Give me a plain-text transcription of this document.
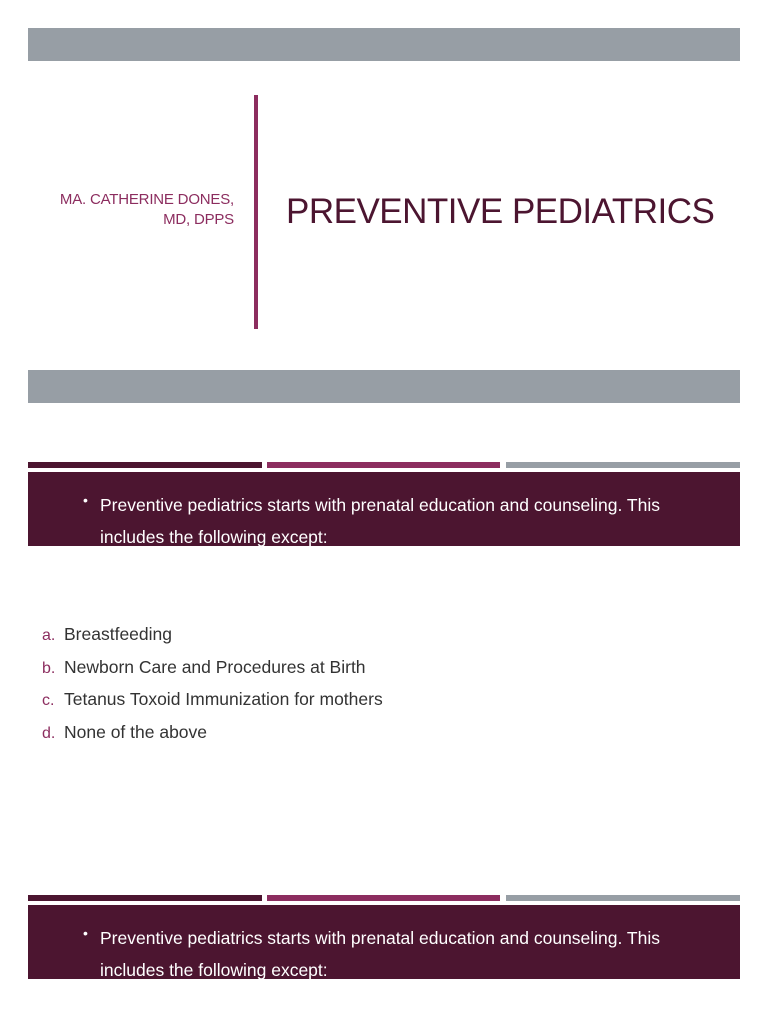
MA. CATHERINE DONES, MD, DPPS PREVENTIVE PEDIATRICS
• Preventive pediatrics starts with prenatal education and counseling. This includes the following except:
a. Breastfeeding
b. Newborn Care and Procedures at Birth
c. Tetanus Toxoid Immunization for mothers
d. None of the above
• Preventive pediatrics starts with prenatal education and counseling. This includes the following except:
